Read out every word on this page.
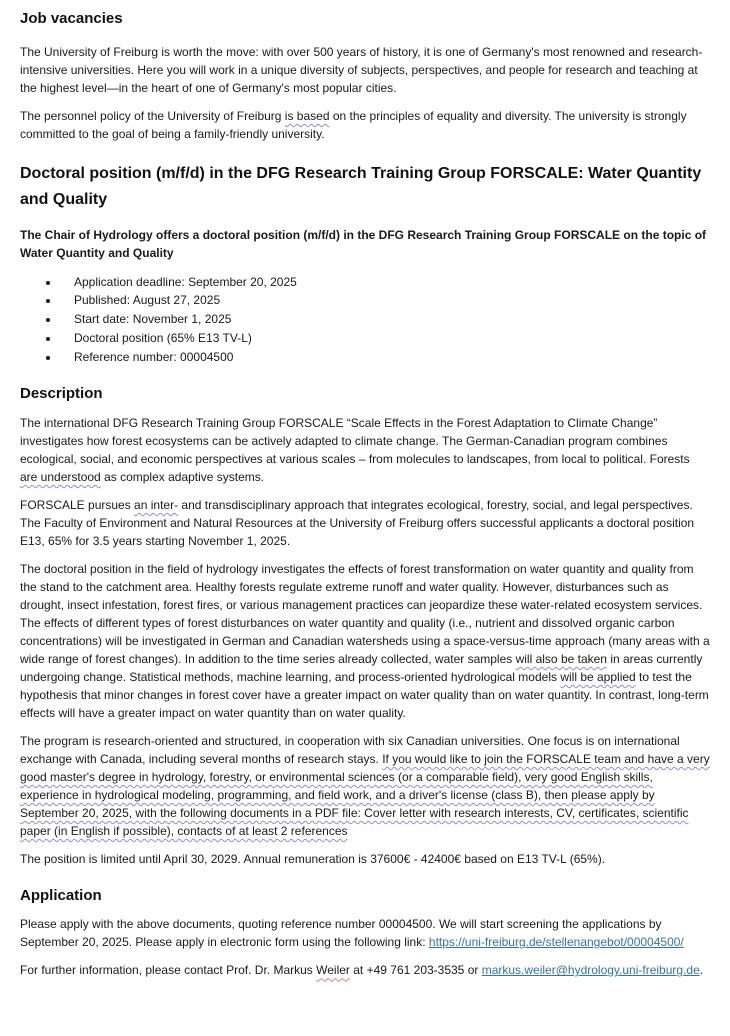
Job vacancies

The University of Freiburg is worth the move: with over 500 years of history, it is one of Germany's most renowned and research-intensive universities. Here you will work in a unique diversity of subjects, perspectives, and people for research and teaching at the highest level—in the heart of one of Germany's most popular cities.

The personnel policy of the University of Freiburg is based on the principles of equality and diversity. The university is strongly committed to the goal of being a family-friendly university.

Doctoral position (m/f/d) in the DFG Research Training Group FORSCALE: Water Quantity and Quality

The Chair of Hydrology offers a doctoral position (m/f/d) in the DFG Research Training Group FORSCALE on the topic of Water Quantity and Quality

• Application deadline: September 20, 2025
• Published: August 27, 2025
• Start date: November 1, 2025
• Doctoral position (65% E13 TV-L)
• Reference number: 00004500
Description

The international DFG Research Training Group FORSCALE “Scale Effects in the Forest Adaptation to Climate Change” investigates how forest ecosystems can be actively adapted to climate change. The German-Canadian program combines ecological, social, and economic perspectives at various scales – from molecules to landscapes, from local to political. Forests are understood as complex adaptive systems.

FORSCALE pursues an inter- and transdisciplinary approach that integrates ecological, forestry, social, and legal perspectives. The Faculty of Environment and Natural Resources at the University of Freiburg offers successful applicants a doctoral position E13, 65% for 3.5 years starting November 1, 2025.

The doctoral position in the field of hydrology investigates the effects of forest transformation on water quantity and quality from the stand to the catchment area. Healthy forests regulate extreme runoff and water quality. However, disturbances such as drought, insect infestation, forest fires, or various management practices can jeopardize these water-related ecosystem services. The effects of different types of forest disturbances on water quantity and quality (i.e., nutrient and dissolved organic carbon concentrations) will be investigated in German and Canadian watersheds using a space-versus-time approach (many areas with a wide range of forest changes). In addition to the time series already collected, water samples will also be taken in areas currently undergoing change. Statistical methods, machine learning, and process-oriented hydrological models will be applied to test the hypothesis that minor changes in forest cover have a greater impact on water quality than on water quantity. In contrast, long-term effects will have a greater impact on water quantity than on water quality.

The program is research-oriented and structured, in cooperation with six Canadian universities. One focus is on international exchange with Canada, including several months of research stays. If you would like to join the FORSCALE team and have a very good master's degree in hydrology, forestry, or environmental sciences (or a comparable field), very good English skills, experience in hydrological modeling, programming, and field work, and a driver's license (class B), then please apply by September 20, 2025, with the following documents in a PDF file: Cover letter with research interests, CV, certificates, scientific paper (in English if possible), contacts of at least 2 references

The position is limited until April 30, 2029. Annual remuneration is 37600€ - 42400€ based on E13 TV-L (65%).

Application

Please apply with the above documents, quoting reference number 00004500. We will start screening the applications by September 20, 2025. Please apply in electronic form using the following link: https://uni-freiburg.de/stellenangebot/00004500/

For further information, please contact Prof. Dr. Markus Weiler at +49 761 203-3535 or markus.weiler@hydrology.uni-freiburg.de.
